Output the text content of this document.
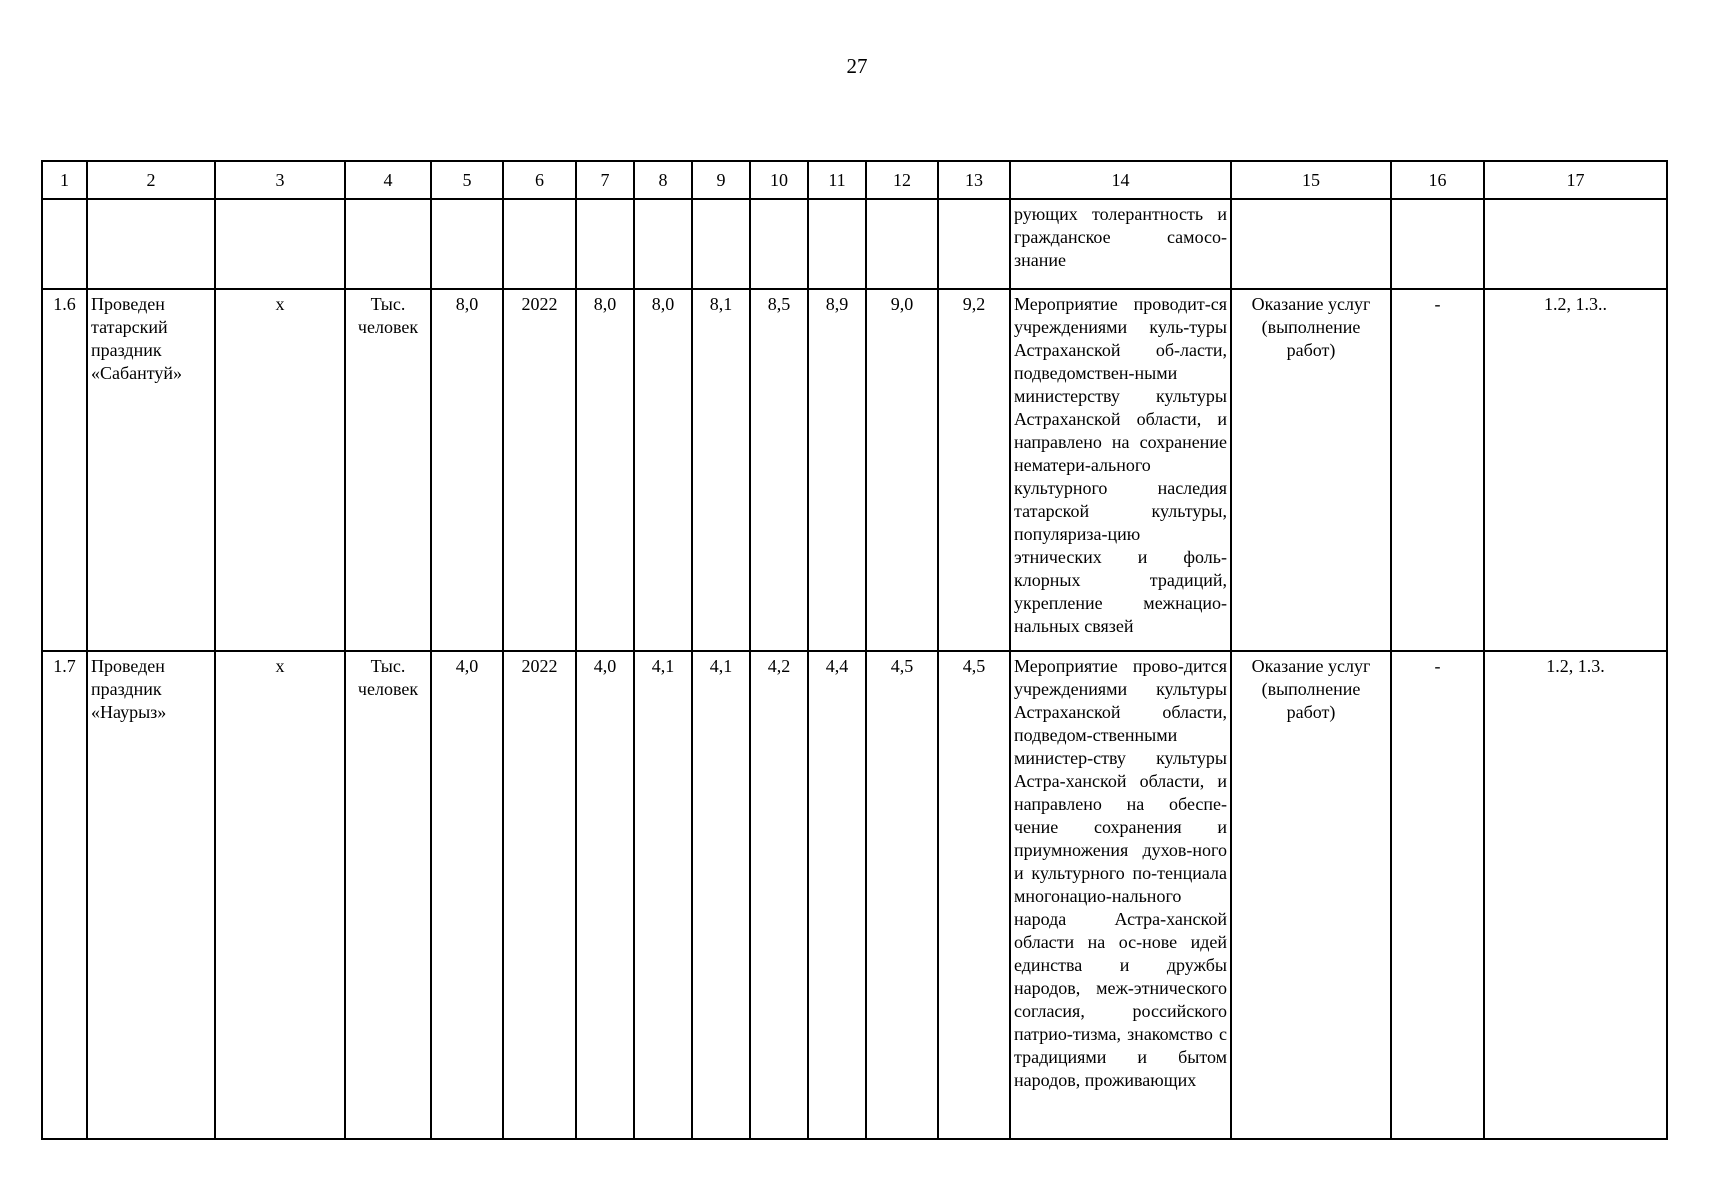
27
1	2	3	4	5	6	7	8	9	10	11	12	13	14	15	16	17
													рующих толерантность и гражданское самосо-знание			
1.6	Проведен татарский праздник «Сабантуй»	х	Тыс. человек	8,0	2022	8,0	8,0	8,1	8,5	8,9	9,0	9,2	Мероприятие проводит-ся учреждениями куль-туры Астраханской об-ласти, подведомствен-ными министерству культуры Астраханской области, и направлено на сохранение нематери-ального культурного наследия татарской культуры, популяриза-цию этнических и фоль-клорных традиций, укрепление межнацио-нальных связей	Оказание услуг (выполнение работ)	-	1.2, 1.3..
1.7	Проведен праздник «Наурыз»	х	Тыс. человек	4,0	2022	4,0	4,1	4,1	4,2	4,4	4,5	4,5	Мероприятие прово-дится учреждениями культуры Астраханской области, подведом-ственными министер-ству культуры Астра-ханской области, и направлено на обеспе-чение сохранения и приумножения духов-ного и культурного по-тенциала многонацио-нального народа Астра-ханской области на ос-нове идей единства и дружбы народов, меж-этнического согласия, российского патрио-тизма, знакомство с традициями и бытом народов, проживающих	Оказание услуг (выполнение работ)	-	1.2, 1.3.
